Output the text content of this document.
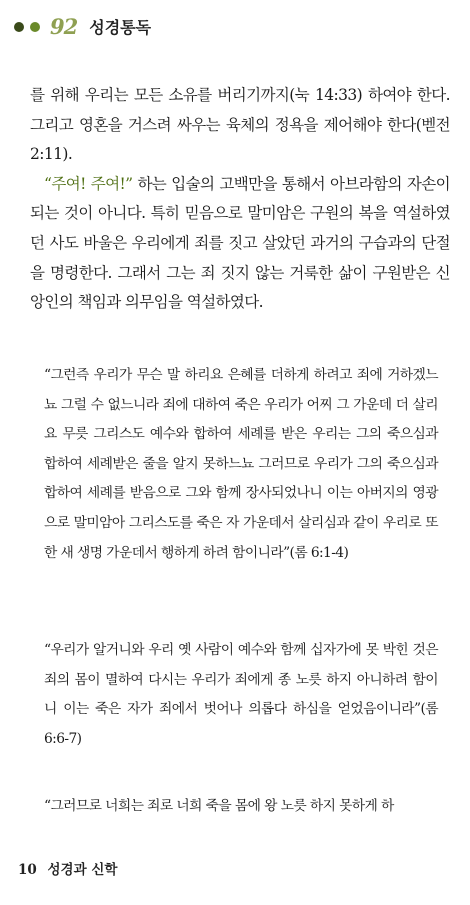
92 성경통독

를 위해 우리는 모든 소유를 버리기까지(눅 14:33) 하여야 한다. 그리고 영혼을 거스려 싸우는 육체의 정욕을 제어해야 한다(벧전 2:11).

“주여! 주여!” 하는 입술의 고백만을 통해서 아브라함의 자손이 되는 것이 아니다. 특히 믿음으로 말미암은 구원의 복을 역설하였던 사도 바울은 우리에게 죄를 짓고 살았던 과거의 구습과의 단절을 명령한다. 그래서 그는 죄 짓지 않는 거룩한 삶이 구원받은 신앙인의 책임과 의무임을 역설하였다.

“그런즉 우리가 무슨 말 하리요 은혜를 더하게 하려고 죄에 거하겠느뇨 그럴 수 없느니라 죄에 대하여 죽은 우리가 어찌 그 가운데 더 살리요 무릇 그리스도 예수와 합하여 세례를 받은 우리는 그의 죽으심과 합하여 세례받은 줄을 알지 못하느뇨 그러므로 우리가 그의 죽으심과 합하여 세례를 받음으로 그와 함께 장사되었나니 이는 아버지의 영광으로 말미암아 그리스도를 죽은 자 가운데서 살리심과 같이 우리로 또한 새 생명 가운데서 행하게 하려 함이니라”(롬 6:1-4)

“우리가 알거니와 우리 옛 사람이 예수와 함께 십자가에 못 박힌 것은 죄의 몸이 멸하여 다시는 우리가 죄에게 종 노릇 하지 아니하려 함이니 이는 죽은 자가 죄에서 벗어나 의롭다 하심을 얻었음이니라”(롬 6:6-7)

“그러므로 너희는 죄로 너희 죽을 몸에 왕 노릇 하지 못하게 하

10 성경과 신학
